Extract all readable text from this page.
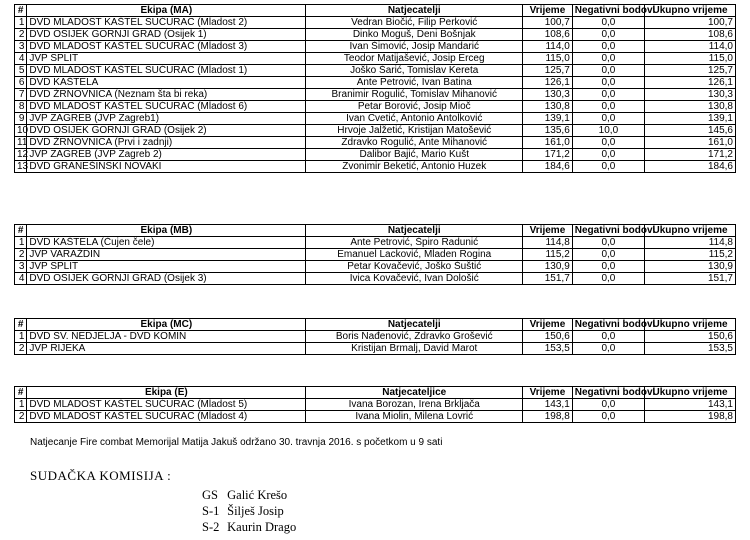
#	Ekipa (MA)	Natjecatelji	Vrijeme	Negativni bodovi	Ukupno vrijeme
1	DVD MLADOST KAŠTEL SUĆURAC (Mladost 2)	Vedran Biočić, Filip Perković	100,7	0,0	100,7
2	DVD OSIJEK GORNJI GRAD (Osijek 1)	Dinko Moguš, Deni Bošnjak	108,6	0,0	108,6
3	DVD MLADOST KAŠTEL SUĆURAC (Mladost 3)	Ivan Šimović, Josip Mandarić	114,0	0,0	114,0
4	JVP SPLIT	Teodor Matijašević, Josip Erceg	115,0	0,0	115,0
5	DVD MLADOST KAŠTEL SUĆURAC (Mladost 1)	Joško Šarić, Tomislav Kereta	125,7	0,0	125,7
6	DVD KAŠTELA	Ante Petrović, Ivan Batina	126,1	0,0	126,1
7	DVD ŽRNOVNICA (Neznam šta bi reka)	Branimir Rogulić, Tomislav Mihanović	130,3	0,0	130,3
8	DVD MLADOST KAŠTEL SUĆURAC (Mladost 6)	Petar Borović, Josip Mioč	130,8	0,0	130,8
9	JVP ZAGREB (JVP Zagreb1)	Ivan Cvetić, Antonio Antolković	139,1	0,0	139,1
10	DVD OSIJEK GORNJI GRAD (Osijek 2)	Hrvoje Jalžetić, Kristijan Matošević	135,6	10,0	145,6
11	DVD ŽRNOVNICA (Prvi i zadnji)	Zdravko Rogulić, Ante Mihanović	161,0	0,0	161,0
12	JVP ZAGREB (JVP Zagreb 2)	Dalibor Bajić, Mario Kušt	171,2	0,0	171,2
13	DVD GRANEŠINSKI NOVAKI	Zvonimir Beketić, Antonio Huzek	184,6	0,0	184,6
#	Ekipa (MB)	Natjecatelji	Vrijeme	Negativni bodovi	Ukupno vrijeme
1	DVD KAŠTELA (Čujen čele)	Ante Petrović, Špiro Radunić	114,8	0,0	114,8
2	JVP VARAŽDIN	Emanuel Lacković, Mladen Rogina	115,2	0,0	115,2
3	JVP SPLIT	Petar Kovačević, Joško Šuštić	130,9	0,0	130,9
4	DVD OSIJEK GORNJI GRAD (Osijek 3)	Ivica Kovačević, Ivan Dološić	151,7	0,0	151,7
#	Ekipa (MC)	Natjecatelji	Vrijeme	Negativni bodovi	Ukupno vrijeme
1	DVD SV. NEDJELJA - DVD KOMIN	Boris Nađenović, Zdravko Grošević	150,6	0,0	150,6
2	JVP RIJEKA	Kristijan Brmalj, David Marot	153,5	0,0	153,5
#	Ekipa (E)	Natjecateljice	Vrijeme	Negativni bodovi	Ukupno vrijeme
1	DVD MLADOST KAŠTEL SUĆURAC (Mladost 5)	Ivana Borozan, Irena Brkljača	143,1	0,0	143,1
2	DVD MLADOST KAŠTEL SUĆURAC (Mladost 4)	Ivana Miolin, Milena Lovrić	198,8	0,0	198,8
Natjecanje Fire combat Memorijal Matija Jakuš održano 30. travnja 2016. s početkom u 9 sati
SUDAČKA KOMISIJA :
GS Galić Krešo
S-1 Šilješ Josip
S-2 Kaurin Drago
